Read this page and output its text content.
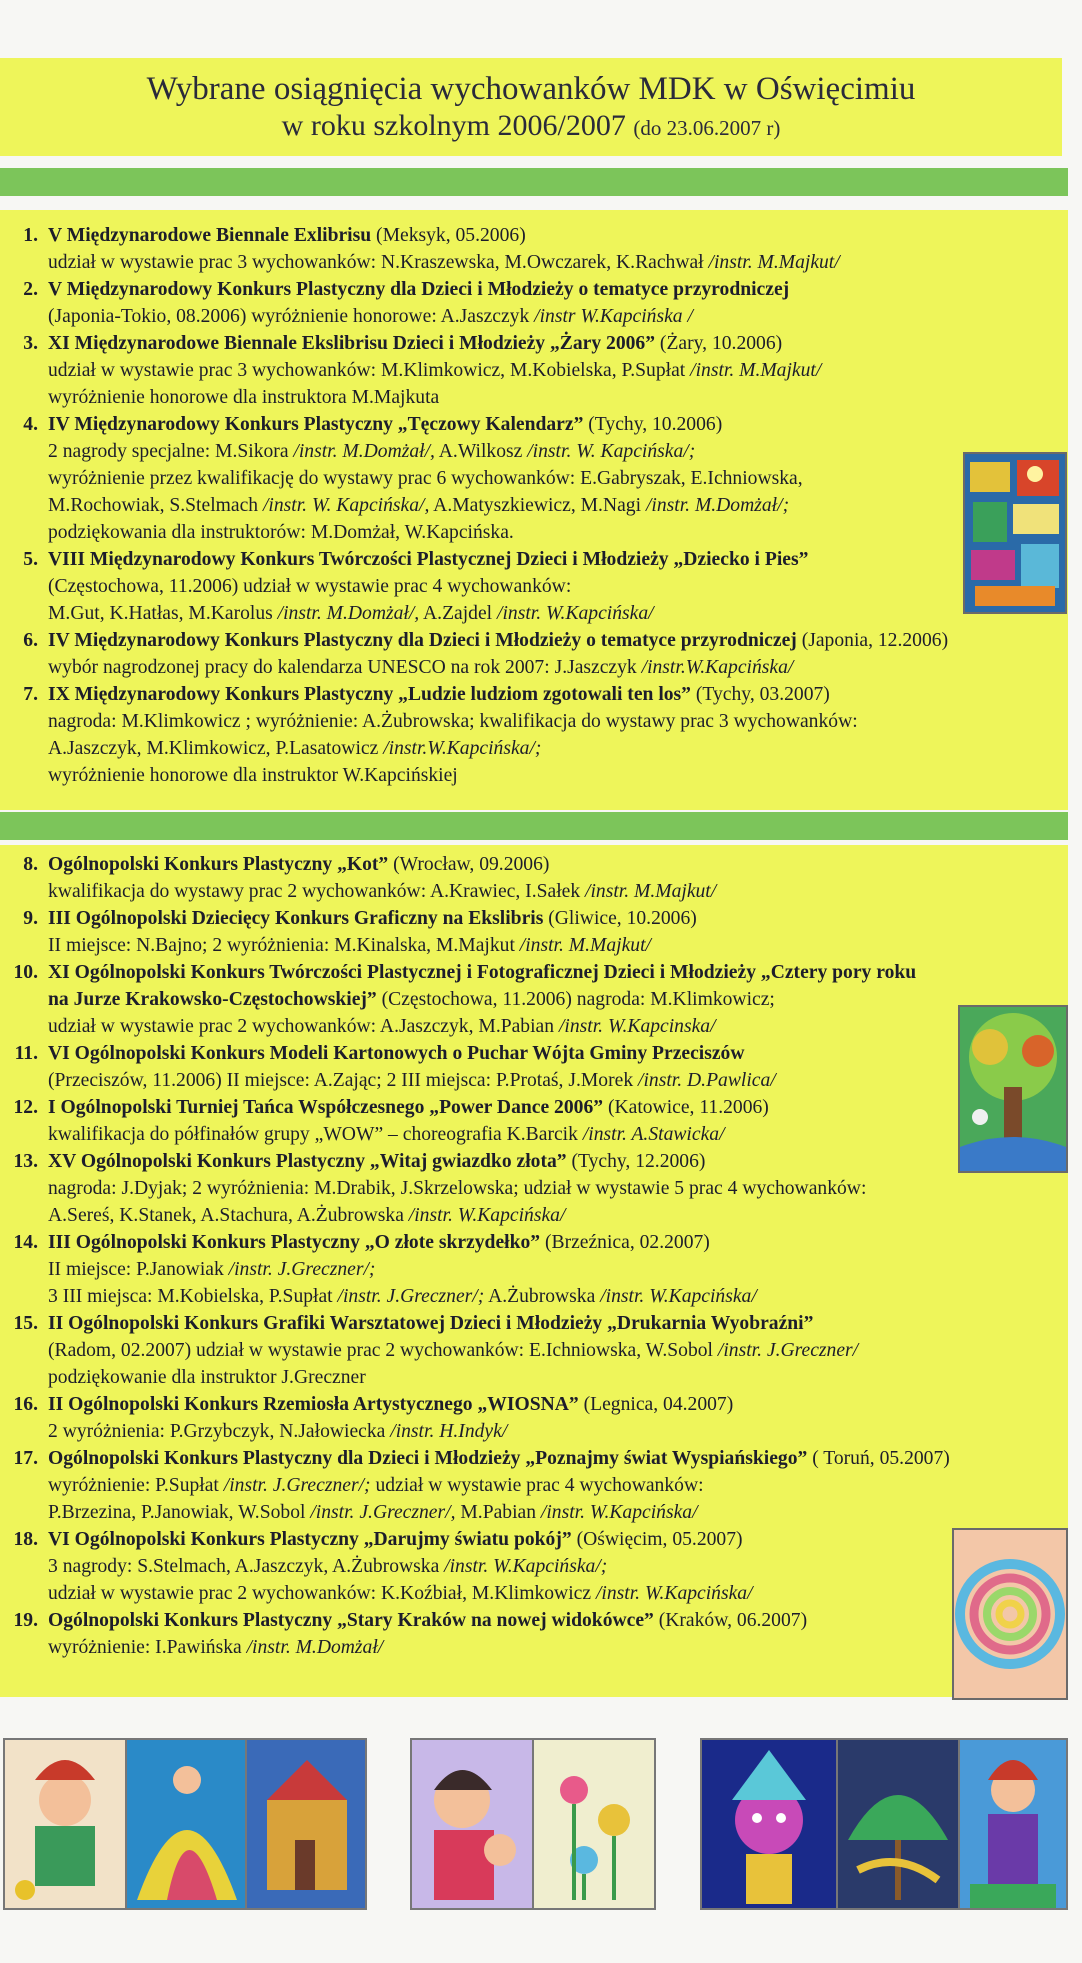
Wybrane osiągnięcia wychowanków MDK w Oświęcimiu
w roku szkolnym 2006/2007 (do 23.06.2007 r)
1. V Międzynarodowe Biennale Exlibrisu (Meksyk, 05.2006)
udział w wystawie prac 3 wychowanków: N.Kraszewska, M.Owczarek, K.Rachwał /instr. M.Majkut/
2. V Międzynarodowy Konkurs Plastyczny dla Dzieci i Młodzieży o tematyce przyrodniczej
(Japonia-Tokio, 08.2006) wyróżnienie honorowe: A.Jaszczyk /instr W.Kapcińska /
3. XI Międzynarodowe Biennale Ekslibrisu Dzieci i Młodzieży „Żary 2006” (Żary, 10.2006)
udział w wystawie prac 3 wychowanków: M.Klimkowicz, M.Kobielska, P.Supłat /instr. M.Majkut/
wyróżnienie honorowe dla instruktora M.Majkuta
4. IV Międzynarodowy Konkurs Plastyczny „Tęczowy Kalendarz” (Tychy, 10.2006)
2 nagrody specjalne: M.Sikora /instr. M.Domżał/, A.Wilkosz /instr. W. Kapcińska/;
wyróżnienie przez kwalifikację do wystawy prac 6 wychowanków: E.Gabryszak, E.Ichniowska,
M.Rochowiak, S.Stelmach /instr. W. Kapcińska/, A.Matyszkiewicz, M.Nagi /instr. M.Domżał/;
podziękowania dla instruktorów: M.Domżał, W.Kapcińska.
5. VIII Międzynarodowy Konkurs Twórczości Plastycznej Dzieci i Młodzieży „Dziecko i Pies”
(Częstochowa, 11.2006) udział w wystawie prac 4 wychowanków:
M.Gut, K.Hatłas, M.Karolus /instr. M.Domżał/, A.Zajdel /instr. W.Kapcińska/
6. IV Międzynarodowy Konkurs Plastyczny dla Dzieci i Młodzieży o tematyce przyrodniczej (Japonia, 12.2006)
wybór nagrodzonej pracy do kalendarza UNESCO na rok 2007: J.Jaszczyk /instr.W.Kapcińska/
7. IX Międzynarodowy Konkurs Plastyczny „Ludzie ludziom zgotowali ten los” (Tychy, 03.2007)
nagroda: M.Klimkowicz ; wyróżnienie: A.Żubrowska; kwalifikacja do wystawy prac 3 wychowanków:
A.Jaszczyk, M.Klimkowicz, P.Lasatowicz /instr.W.Kapcińska/;
wyróżnienie honorowe dla instruktor W.Kapcińskiej
8. Ogólnopolski Konkurs Plastyczny „Kot” (Wrocław, 09.2006)
kwalifikacja do wystawy prac 2 wychowanków: A.Krawiec, I.Sałek /instr. M.Majkut/
9. III Ogólnopolski Dziecięcy Konkurs Graficzny na Ekslibris (Gliwice, 10.2006)
II miejsce: N.Bajno; 2 wyróżnienia: M.Kinalska, M.Majkut /instr. M.Majkut/
10. XI Ogólnopolski Konkurs Twórczości Plastycznej i Fotograficznej Dzieci i Młodzieży „Cztery pory roku
na Jurze Krakowsko-Częstochowskiej” (Częstochowa, 11.2006) nagroda: M.Klimkowicz;
udział w wystawie prac 2 wychowanków: A.Jaszczyk, M.Pabian /instr. W.Kapcinska/
11. VI Ogólnopolski Konkurs Modeli Kartonowych o Puchar Wójta Gminy Przeciszów
(Przeciszów, 11.2006) II miejsce: A.Zając; 2 III miejsca: P.Protaś, J.Morek /instr. D.Pawlica/
12. I Ogólnopolski Turniej Tańca Współczesnego „Power Dance 2006” (Katowice, 11.2006)
kwalifikacja do półfinałów grupy „WOW” – choreografia K.Barcik /instr. A.Stawicka/
13. XV Ogólnopolski Konkurs Plastyczny „Witaj gwiazdko złota” (Tychy, 12.2006)
nagroda: J.Dyjak; 2 wyróżnienia: M.Drabik, J.Skrzelowska; udział w wystawie 5 prac 4 wychowanków:
A.Sereś, K.Stanek, A.Stachura, A.Żubrowska /instr. W.Kapcińska/
14. III Ogólnopolski Konkurs Plastyczny „O złote skrzydełko” (Brzeźnica, 02.2007)
II miejsce: P.Janowiak /instr. J.Greczner/;
3 III miejsca: M.Kobielska, P.Supłat /instr. J.Greczner/; A.Żubrowska /instr. W.Kapcińska/
15. II Ogólnopolski Konkurs Grafiki Warsztatowej Dzieci i Młodzieży „Drukarnia Wyobraźni”
(Radom, 02.2007) udział w wystawie prac 2 wychowanków: E.Ichniowska, W.Sobol /instr. J.Greczner/
podziękowanie dla instruktor J.Greczner
16. II Ogólnopolski Konkurs Rzemiosła Artystycznego „WIOSNA” (Legnica, 04.2007)
2 wyróżnienia: P.Grzybczyk, N.Jałowiecka /instr. H.Indyk/
17. Ogólnopolski Konkurs Plastyczny dla Dzieci i Młodzieży „Poznajmy świat Wyspiańskiego” ( Toruń, 05.2007)
wyróżnienie: P.Supłat /instr. J.Greczner/; udział w wystawie prac 4 wychowanków:
P.Brzezina, P.Janowiak, W.Sobol /instr. J.Greczner/, M.Pabian /instr. W.Kapcińska/
18. VI Ogólnopolski Konkurs Plastyczny „Darujmy światu pokój” (Oświęcim, 05.2007)
3 nagrody: S.Stelmach, A.Jaszczyk, A.Żubrowska /instr. W.Kapcińska/;
udział w wystawie prac 2 wychowanków: K.Koźbiał, M.Klimkowicz /instr. W.Kapcińska/
19. Ogólnopolski Konkurs Plastyczny „Stary Kraków na nowej widokówce” (Kraków, 06.2007)
wyróżnienie: I.Pawińska /instr. M.Domżał/
